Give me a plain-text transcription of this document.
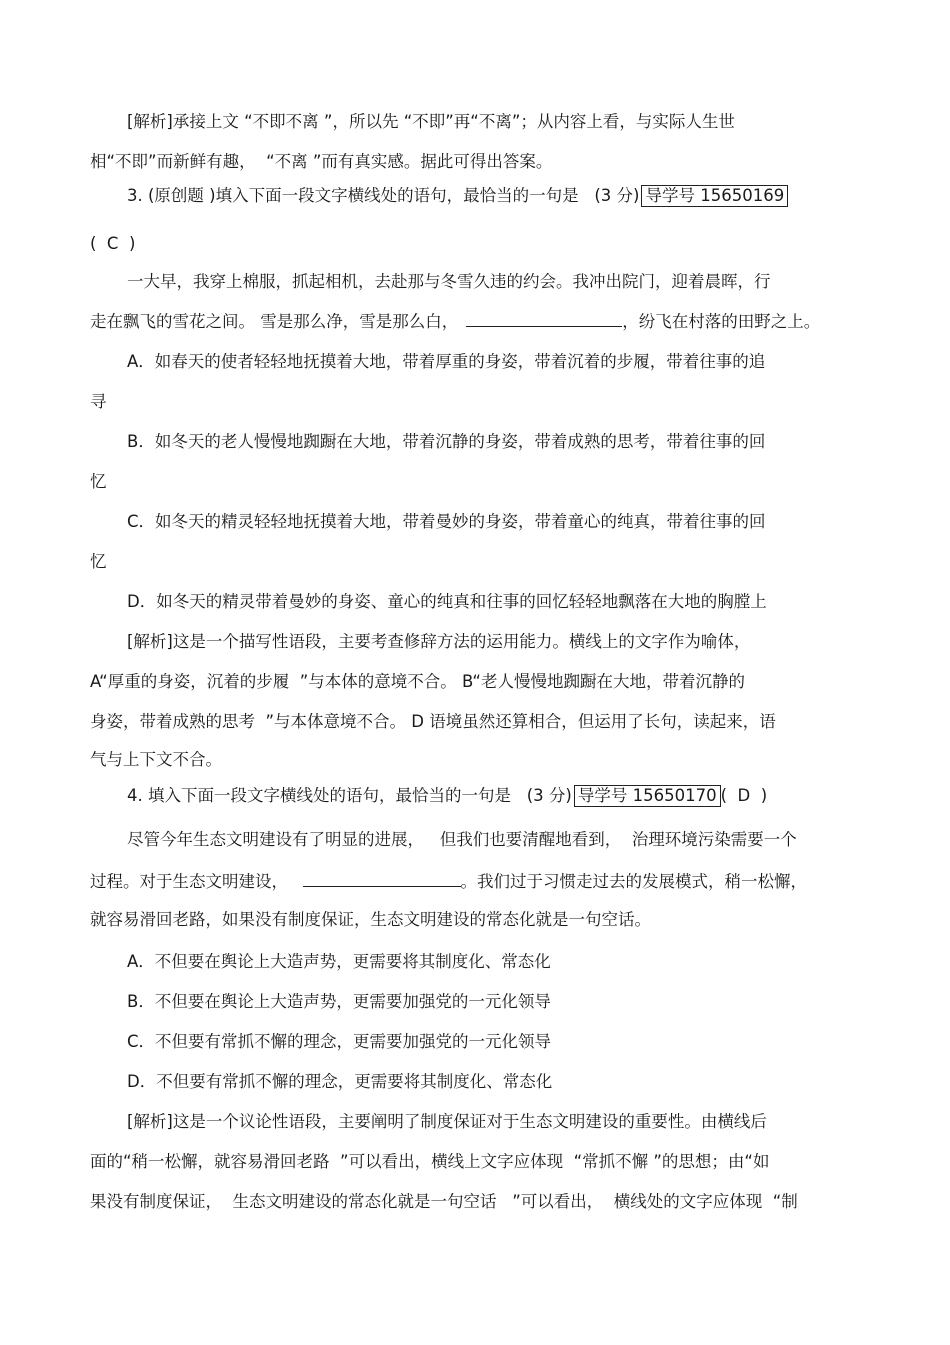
[解析]承接上文 “不即不离 ”，所以先 “不即”再“不离”；从内容上看，与实际人生世
相“不即”而新鲜有趣，  “不离 ”而有真实感。据此可得出答案。
3. (原创题 )填入下面一段文字横线处的语句，最恰当的一句是   (3 分) 导学号 15650169
(  C  )
一大早，我穿上棉服，抓起相机，去赴那与冬雪久违的约会。我冲出院门，迎着晨晖，行
走在飘飞的雪花之间。 雪是那么净，雪是那么白，	，纷飞在村落的田野之上。
A．如春天的使者轻轻地抚摸着大地，带着厚重的身姿，带着沉着的步履，带着往事的追
寻
B．如冬天的老人慢慢地踟蹰在大地，带着沉静的身姿，带着成熟的思考，带着往事的回
忆
C．如冬天的精灵轻轻地抚摸着大地，带着曼妙的身姿，带着童心的纯真，带着往事的回
忆
D．如冬天的精灵带着曼妙的身姿、童心的纯真和往事的回忆轻轻地飘落在大地的胸膛上
[解析]这是一个描写性语段，主要考查修辞方法的运用能力。横线上的文字作为喻体，
A“厚重的身姿，沉着的步履  ”与本体的意境不合。 B“老人慢慢地踟蹰在大地，带着沉静的
身姿，带着成熟的思考  ”与本体意境不合。 D 语境虽然还算相合，但运用了长句，读起来，语
气与上下文不合。
4. 填入下面一段文字横线处的语句，最恰当的一句是   (3 分) 导学号 15650170 (  D  )
尽管今年生态文明建设有了明显的进展，   但我们也要清醒地看到，  治理环境污染需要一个
过程。对于生态文明建设，	。我们过于习惯走过去的发展模式，稍一松懈，
就容易滑回老路，如果没有制度保证，生态文明建设的常态化就是一句空话。
A．不但要在舆论上大造声势，更需要将其制度化、常态化
B．不但要在舆论上大造声势，更需要加强党的一元化领导
C．不但要有常抓不懈的理念，更需要加强党的一元化领导
D．不但要有常抓不懈的理念，更需要将其制度化、常态化
[解析]这是一个议论性语段，主要阐明了制度保证对于生态文明建设的重要性。由横线后
面的“稍一松懈，就容易滑回老路  ”可以看出，横线上文字应体现  “常抓不懈 ”的思想；由“如
果没有制度保证，  生态文明建设的常态化就是一句空话   ”可以看出，  横线处的文字应体现  “制
